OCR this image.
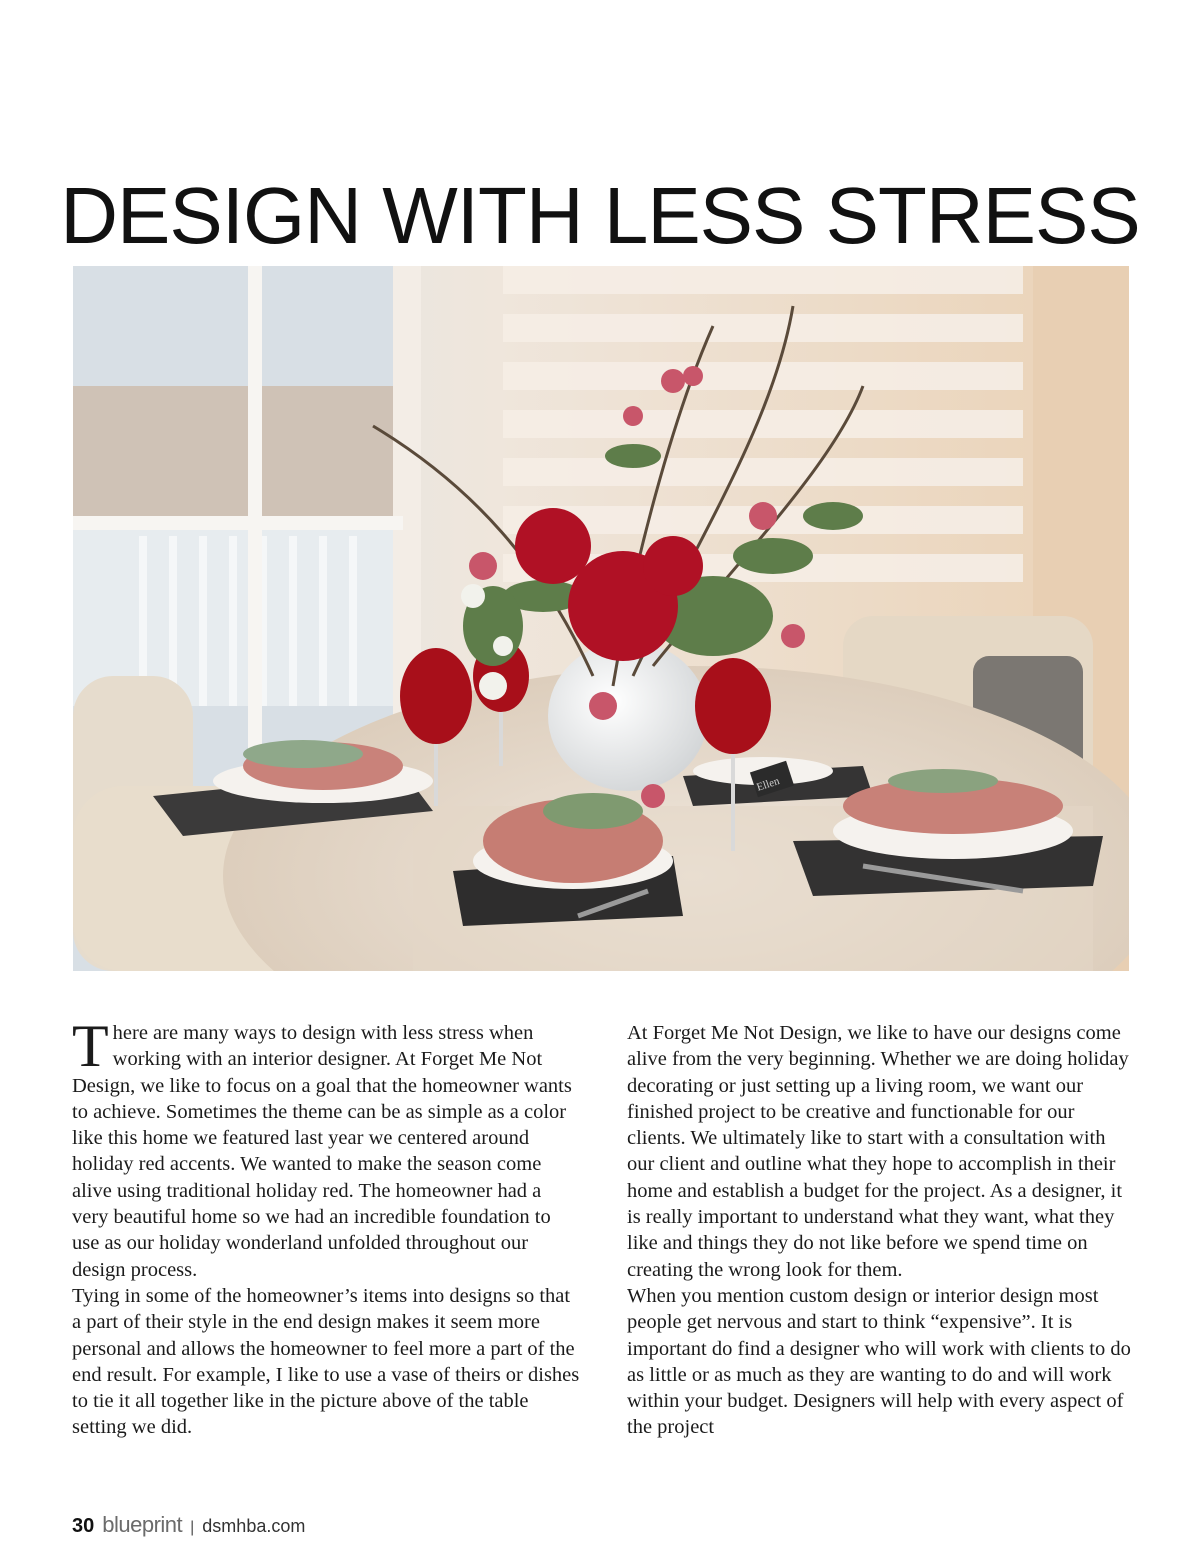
DESIGN WITH LESS STRESS
Ellen

There are many ways to design with less stress when working with an interior designer. At Forget Me Not Design, we like to focus on a goal that the homeowner wants to achieve. Sometimes the theme can be as simple as a color like this home we featured last year we centered around holiday red accents. We wanted to make the season come alive using traditional holiday red. The homeowner had a very beautiful home so we had an incredible foundation to use as our holiday wonderland unfolded throughout our design process.

Tying in some of the homeowner’s items into designs so that a part of their style in the end design makes it seem more personal and allows the homeowner to feel more a part of the end result. For example, I like to use a vase of theirs or dishes to tie it all together like in the picture above of the table setting we did.

At Forget Me Not Design, we like to have our designs come alive from the very beginning. Whether we are doing holiday decorating or just setting up a living room, we want our finished project to be creative and functionable for our clients. We ultimately like to start with a consultation with our client and outline what they hope to accomplish in their home and establish a budget for the project. As a designer, it is really important to understand what they want, what they like and things they do not like before we spend time on creating the wrong look for them.

When you mention custom design or interior design most people get nervous and start to think “expensive”. It is important do find a designer who will work with clients to do as little or as much as they are wanting to do and will work within your budget. Designers will help with every aspect of the project

30 blueprint | dsmhba.com
